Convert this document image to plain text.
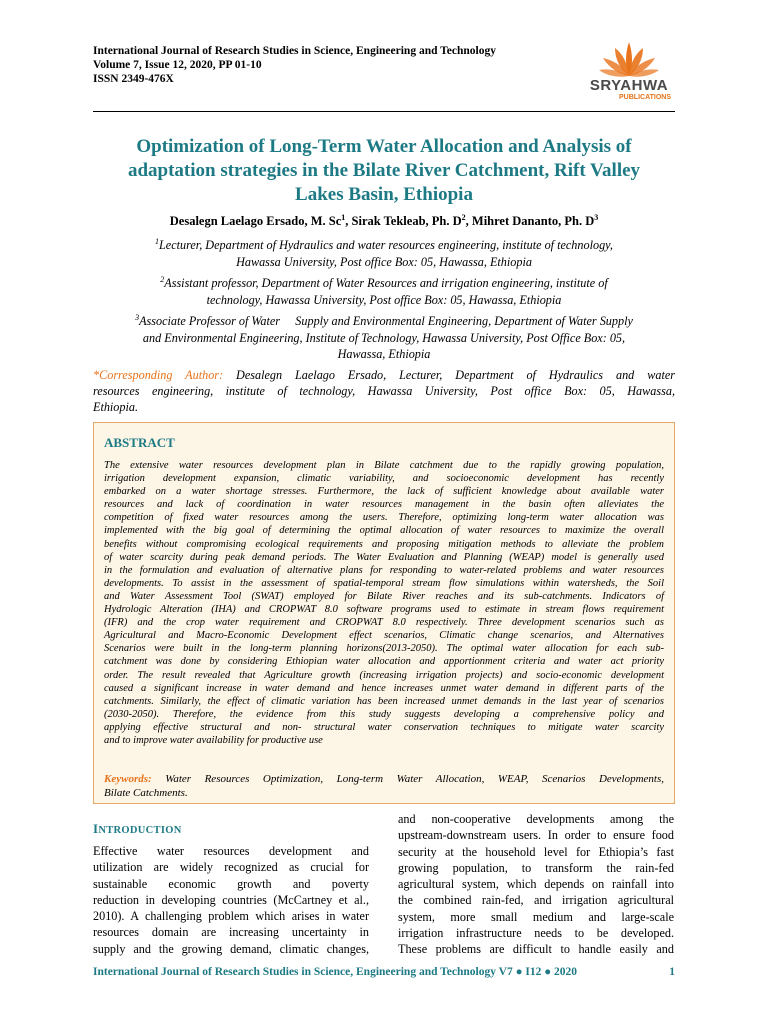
International Journal of Research Studies in Science, Engineering and Technology
Volume 7, Issue 12, 2020, PP 01-10
ISSN 2349-476X	SRYAHWA
PUBLICATIONS
Optimization of Long-Term Water Allocation and Analysis of
adaptation strategies in the Bilate River Catchment, Rift Valley
Lakes Basin, Ethiopia
Desalegn Laelago Ersado, M. Sc$^1$, Sirak Tekleab, Ph. $D^2$, Mihret Dananto, Ph. $D^3$
$^1$Lecturer, Department of Hydraulics and water resources engineering, institute of technology,
Hawassa University, Post office Box: 05, Hawassa, Ethiopia
$^2$Assistant professor, Department of Water Resources and irrigation engineering, institute of
technology, Hawassa University, Post office Box: 05, Hawassa, Ethiopia
$^3$Associate Professor of Water     Supply and Environmental Engineering, Department of Water Supply
and Environmental Engineering, Institute of Technology, Hawassa University, Post Office Box: 05,
Hawassa, Ethiopia
*Corresponding Author: Desalegn Laelago Ersado, Lecturer, Department of Hydraulics and water
resources engineering, institute of technology, Hawassa University, Post office Box: 05, Hawassa,
Ethiopia.
ABSTRACT
The extensive water resources development plan in Bilate catchment due to the rapidly growing population,
irrigation development expansion, climatic variability, and socioeconomic development has recently
embarked on a water shortage stresses. Furthermore, the lack of sufficient knowledge about available water
resources and lack of coordination in water resources management in the basin often alleviates the
competition of fixed water resources among the users. Therefore, optimizing long-term water allocation was
implemented with the big goal of determining the optimal allocation of water resources to maximize the overall
benefits without compromising ecological requirements and proposing mitigation methods to alleviate the problem
of water scarcity during peak demand periods. The Water Evaluation and Planning (WEAP) model is generally used
in the formulation and evaluation of alternative plans for responding to water-related problems and water resources
developments. To assist in the assessment of spatial-temporal stream flow simulations within watersheds, the Soil
and Water Assessment Tool (SWAT) employed for Bilate River reaches and its sub-catchments. Indicators of
Hydrologic Alteration (IHA) and CROPWAT 8.0 software programs used to estimate in stream flows requirement
(IFR) and the crop water requirement and CROPWAT 8.0 respectively. Three development scenarios such as
Agricultural and Macro-Economic Development effect scenarios, Climatic change scenarios, and Alternatives
Scenarios were built in the long-term planning horizons(2013-2050). The optimal water allocation for each sub-
catchment was done by considering Ethiopian water allocation and apportionment criteria and water act priority
order. The result revealed that Agriculture growth (increasing irrigation projects) and socio-economic development
caused a significant increase in water demand and hence increases unmet water demand in different parts of the
catchments. Similarly, the effect of climatic variation has been increased unmet demands in the last year of scenarios
(2030-2050). Therefore, the evidence from this study suggests developing a comprehensive policy and
applying effective structural and non- structural water conservation techniques to mitigate water scarcity
and to improve water availability for productive use
Keywords: Water Resources Optimization, Long-term Water Allocation, WEAP, Scenarios Developments,
Bilate Catchments.
INTRODUCTION
Effective water resources development and
utilization are widely recognized as crucial for
sustainable economic growth and poverty
reduction in developing countries (McCartney et al.,
2010). A challenging problem which arises in water
resources domain are increasing uncertainty in
supply and the growing demand, climatic changes,
and non-cooperative developments among the
upstream-downstream users. In order to ensure food
security at the household level for Ethiopia’s fast
growing population, to transform the rain-fed
agricultural system, which depends on rainfall into
the combined rain-fed, and irrigation agricultural
system, more small medium and large-scale
irrigation infrastructure needs to be developed.
These problems are difficult to handle easily and
International Journal of Research Studies in Science, Engineering and Technology V7 ● I12 ● 2020	1
